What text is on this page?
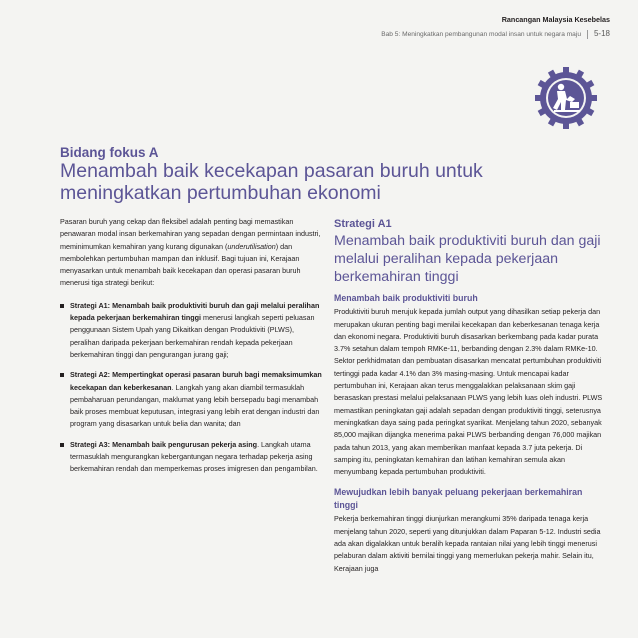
Rancangan Malaysia Kesebelas
Bab 5: Meningkatkan pembangunan modal insan untuk negara maju 5-18
Bidang fokus A
Menambah baik kecekapan pasaran buruh untuk meningkatkan pertumbuhan ekonomi

Pasaran buruh yang cekap dan fleksibel adalah penting bagi memastikan penawaran modal insan berkemahiran yang sepadan dengan permintaan industri, meminimumkan kemahiran yang kurang digunakan (underutilisation) dan membolehkan pertumbuhan mampan dan inklusif. Bagi tujuan ini, Kerajaan menyasarkan untuk menambah baik kecekapan dan operasi pasaran buruh menerusi tiga strategi berikut:

Strategi A1: Menambah baik produktiviti buruh dan gaji melalui peralihan kepada pekerjaan berkemahiran tinggi menerusi langkah seperti peluasan penggunaan Sistem Upah yang Dikaitkan dengan Produktiviti (PLWS), peralihan daripada pekerjaan berkemahiran rendah kepada pekerjaan berkemahiran tinggi dan pengurangan jurang gaji;
Strategi A2: Mempertingkat operasi pasaran buruh bagi memaksimumkan kecekapan dan keberkesanan. Langkah yang akan diambil termasuklah pembaharuan perundangan, maklumat yang lebih bersepadu bagi menambah baik proses membuat keputusan, integrasi yang lebih erat dengan industri dan program yang disasarkan untuk belia dan wanita; dan
Strategi A3: Menambah baik pengurusan pekerja asing. Langkah utama termasuklah mengurangkan kebergantungan negara terhadap pekerja asing berkemahiran rendah dan memperkemas proses imigresen dan pengambilan.
Strategi A1
Menambah baik produktiviti buruh dan gaji melalui peralihan kepada pekerjaan berkemahiran tinggi
Menambah baik produktiviti buruh

Produktiviti buruh merujuk kepada jumlah output yang dihasilkan setiap pekerja dan merupakan ukuran penting bagi menilai kecekapan dan keberkesanan tenaga kerja dan ekonomi negara. Produktiviti buruh disasarkan berkembang pada kadar purata 3.7% setahun dalam tempoh RMKe-11, berbanding dengan 2.3% dalam RMKe-10. Sektor perkhidmatan dan pembuatan disasarkan mencatat pertumbuhan produktiviti tertinggi pada kadar 4.1% dan 3% masing-masing. Untuk mencapai kadar pertumbuhan ini, Kerajaan akan terus menggalakkan pelaksanaan skim gaji berasaskan prestasi melalui pelaksanaan PLWS yang lebih luas oleh industri. PLWS memastikan peningkatan gaji adalah sepadan dengan produktiviti tinggi, seterusnya meningkatkan daya saing pada peringkat syarikat. Menjelang tahun 2020, sebanyak 85,000 majikan dijangka menerima pakai PLWS berbanding dengan 76,000 majikan pada tahun 2013, yang akan memberikan manfaat kepada 3.7 juta pekerja. Di samping itu, peningkatan kemahiran dan latihan kemahiran semula akan menyumbang kepada pertumbuhan produktiviti.

Mewujudkan lebih banyak peluang pekerjaan berkemahiran tinggi

Pekerja berkemahiran tinggi diunjurkan merangkumi 35% daripada tenaga kerja menjelang tahun 2020, seperti yang ditunjukkan dalam Paparan 5-12. Industri sedia ada akan digalakkan untuk beralih kepada rantaian nilai yang lebih tinggi menerusi pelaburan dalam aktiviti bernilai tinggi yang memerlukan pekerja mahir. Selain itu, Kerajaan juga
